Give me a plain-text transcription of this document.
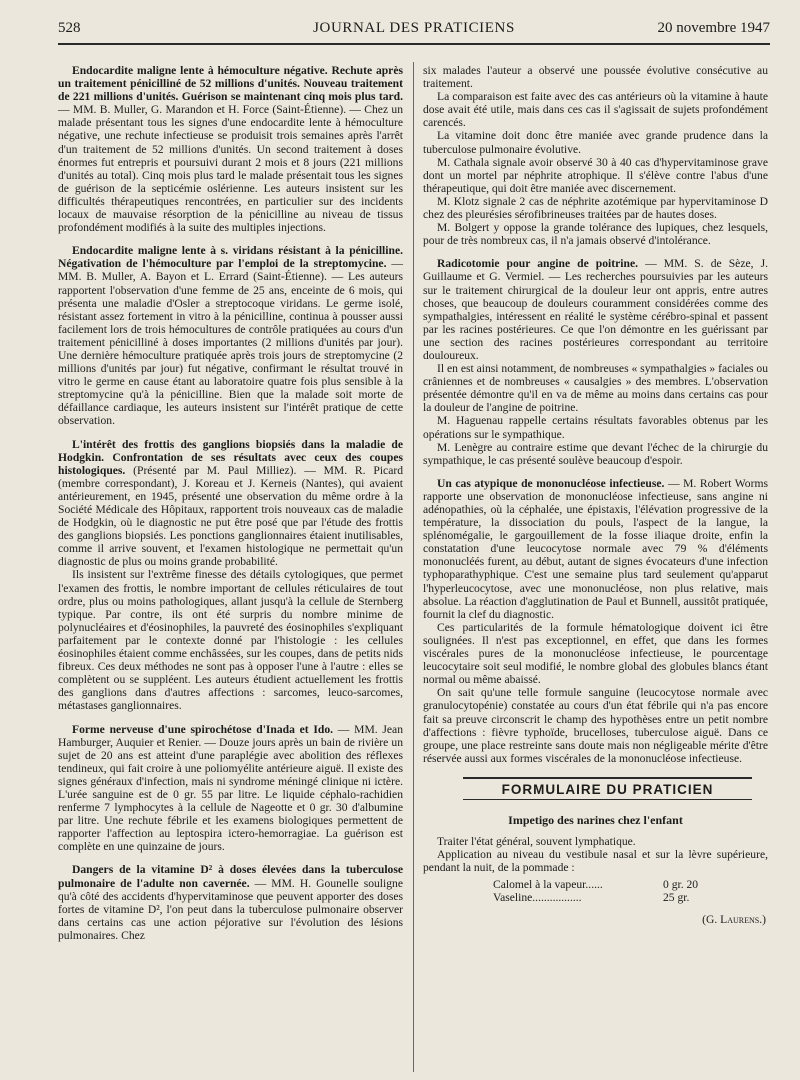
528	JOURNAL DES PRATICIENS	20 novembre 1947

Endocardite maligne lente à hémoculture négative. Rechute après un traitement pénicilliné de 52 millions d'unités. Nouveau traitement de 221 millions d'unités. Guérison se maintenant cinq mois plus tard. — MM. B. Muller, G. Marandon et H. Force (Saint-Étienne). — Chez un malade présentant tous les signes d'une endocardite lente à hémoculture négative, une rechute infectieuse se produisit trois semaines après l'arrêt d'un traitement de 52 millions d'unités. Un second traitement à doses énormes fut entrepris et poursuivi durant 2 mois et 8 jours (221 millions d'unités au total). Cinq mois plus tard le malade présentait tous les signes de guérison de la septicémie oslérienne. Les auteurs insistent sur les difficultés thérapeutiques rencontrées, en particulier sur des incidents locaux de mauvaise résorption de la pénicilline au niveau de tissus profondément modifiés à la suite des multiples injections.

Endocardite maligne lente à s. viridans résistant à la pénicilline. Négativation de l'hémoculture par l'emploi de la streptomycine. — MM. B. Muller, A. Bayon et L. Errard (Saint-Étienne). — Les auteurs rapportent l'observation d'une femme de 25 ans, enceinte de 6 mois, qui présenta une maladie d'Osler a streptocoque viridans. Le germe isolé, résistant assez fortement in vitro à la pénicilline, continua à pousser aussi facilement lors de trois hémocultures de contrôle pratiquées au cours d'un traitement pénicilliné à doses importantes (2 millions d'unités par jour). Une dernière hémoculture pratiquée après trois jours de streptomycine (2 millions d'unités par jour) fut négative, confirmant le résultat trouvé in vitro le germe en cause étant au laboratoire quatre fois plus sensible à la streptomycine qu'à la pénicilline. Bien que la malade soit morte de défaillance cardiaque, les auteurs insistent sur l'intérêt pratique de cette observation.

L'intérêt des frottis des ganglions biopsiés dans la maladie de Hodgkin. Confrontation de ses résultats avec ceux des coupes histologiques. (Présenté par M. Paul Milliez). — MM. R. Picard (membre correspondant), J. Koreau et J. Kerneis (Nantes), qui avaient antérieurement, en 1945, présenté une observation du même ordre à la Société Médicale des Hôpitaux, rapportent trois nouveaux cas de maladie de Hodgkin, où le diagnostic ne put être posé que par l'étude des frottis des ganglions biopsiés. Les ponctions ganglionnaires étaient inutilisables, comme il arrive souvent, et l'examen histologique ne permettait qu'un diagnostic de plus ou moins grande probabilité.

Ils insistent sur l'extrême finesse des détails cytologiques, que permet l'examen des frottis, le nombre important de cellules réticulaires de tout ordre, plus ou moins pathologiques, allant jusqu'à la cellule de Sternberg typique. Par contre, ils ont été surpris du nombre minime de polynucléaires et d'éosinophiles, la pauvreté des éosinophiles s'expliquant parfaitement par le contexte donné par l'histologie : les cellules éosinophiles étaient comme enchâssées, sur les coupes, dans de petits nids fibreux. Ces deux méthodes ne sont pas à opposer l'une à l'autre : elles se complètent ou se suppléent. Les auteurs étudient actuellement les frottis des ganglions dans d'autres affections : sarcomes, leuco-sarcomes, métastases ganglionnaires.

Forme nerveuse d'une spirochétose d'Inada et Ido. — MM. Jean Hamburger, Auquier et Renier. — Douze jours après un bain de rivière un sujet de 20 ans est atteint d'une paraplégie avec abolition des réflexes tendineux, qui fait croire à une poliomyélite antérieure aiguë. Il existe des signes généraux d'infection, mais ni syndrome méningé clinique ni ictère. L'urée sanguine est de 0 gr. 55 par litre. Le liquide céphalo-rachidien renferme 7 lymphocytes à la cellule de Nageotte et 0 gr. 30 d'albumine par litre. Une rechute fébrile et les examens biologiques permettent de rapporter l'affection au leptospira ictero-hemorragiae. La guérison est complète en une quinzaine de jours.

Dangers de la vitamine D² à doses élevées dans la tuberculose pulmonaire de l'adulte non cavernée. — MM. H. Gounelle souligne qu'à côté des accidents d'hypervitaminose que peuvent apporter des doses fortes de vitamine D², l'on peut dans la tuberculose pulmonaire observer dans certains cas une action péjorative sur l'évolution des lésions pulmonaires. Chez

six malades l'auteur a observé une poussée évolutive consécutive au traitement.

La comparaison est faite avec des cas antérieurs où la vitamine à haute dose avait été utile, mais dans ces cas il s'agissait de sujets profondément carencés.

La vitamine doit donc être maniée avec grande prudence dans la tuberculose pulmonaire évolutive.

M. Cathala signale avoir observé 30 à 40 cas d'hypervitaminose grave dont un mortel par néphrite atrophique. Il s'élève contre l'abus d'une thérapeutique, qui doit être maniée avec discernement.

M. Klotz signale 2 cas de néphrite azotémique par hypervitaminose D chez des pleurésies sérofibrineuses traitées par de hautes doses.

M. Bolgert y oppose la grande tolérance des lupiques, chez lesquels, pour de très nombreux cas, il n'a jamais observé d'intolérance.

Radicotomie pour angine de poitrine. — MM. S. de Sèze, J. Guillaume et G. Vermiel. — Les recherches poursuivies par les auteurs sur le traitement chirurgical de la douleur leur ont appris, entre autres choses, que beaucoup de douleurs couramment considérées comme des sympathalgies, intéressent en réalité le système cérébro-spinal et passent par les racines postérieures. Ce que l'on démontre en les guérissant par une section des racines postérieures correspondant au territoire douloureux.

Il en est ainsi notamment, de nombreuses « sympathalgies » faciales ou crâniennes et de nombreuses « causalgies » des membres. L'observation présentée démontre qu'il en va de même au moins dans certains cas pour la douleur de l'angine de poitrine.

M. Haguenau rappelle certains résultats favorables obtenus par les opérations sur le sympathique.

M. Lenègre au contraire estime que devant l'échec de la chirurgie du sympathique, le cas présenté soulève beaucoup d'espoir.

Un cas atypique de mononucléose infectieuse. — M. Robert Worms rapporte une observation de mononucléose infectieuse, sans angine ni adénopathies, où la céphalée, une épistaxis, l'élévation progressive de la température, la dissociation du pouls, l'aspect de la langue, la splénomégalie, le gargouillement de la fosse iliaque droite, enfin la constatation d'une leucocytose normale avec 79 % d'éléments mononucléés furent, au début, autant de signes évocateurs d'une infection typhoparathyphique. C'est une semaine plus tard seulement qu'apparut l'hyperleucocytose, avec une mononucléose, non plus relative, mais absolue. La réaction d'agglutination de Paul et Bunnell, aussitôt pratiquée, fournit la clef du diagnostic.

Ces particularités de la formule hématologique doivent ici être soulignées. Il n'est pas exceptionnel, en effet, que dans les formes viscérales pures de la mononucléose infectieuse, le pourcentage leucocytaire soit seul modifié, le nombre global des globules blancs étant normal ou même abaissé.

On sait qu'une telle formule sanguine (leucocytose normale avec granulocytopénie) constatée au cours d'un état fébrile qui n'a pas encore fait sa preuve circonscrit le champ des hypothèses entre un petit nombre d'affections : fièvre typhoïde, brucelloses, tuberculose aiguë. Dans ce groupe, une place restreinte sans doute mais non négligeable mérite d'être réservée aussi aux formes viscérales de la mononucléose infectieuse.

FORMULAIRE DU PRATICIEN
Impetigo des narines chez l'enfant

Traiter l'état général, souvent lymphatique.

Application au niveau du vestibule nasal et sur la lèvre supérieure, pendant la nuit, de la pommade :

Calomel à la vapeur......	0 gr. 20
Vaseline.................	25 gr.
(G. Laurens.)
